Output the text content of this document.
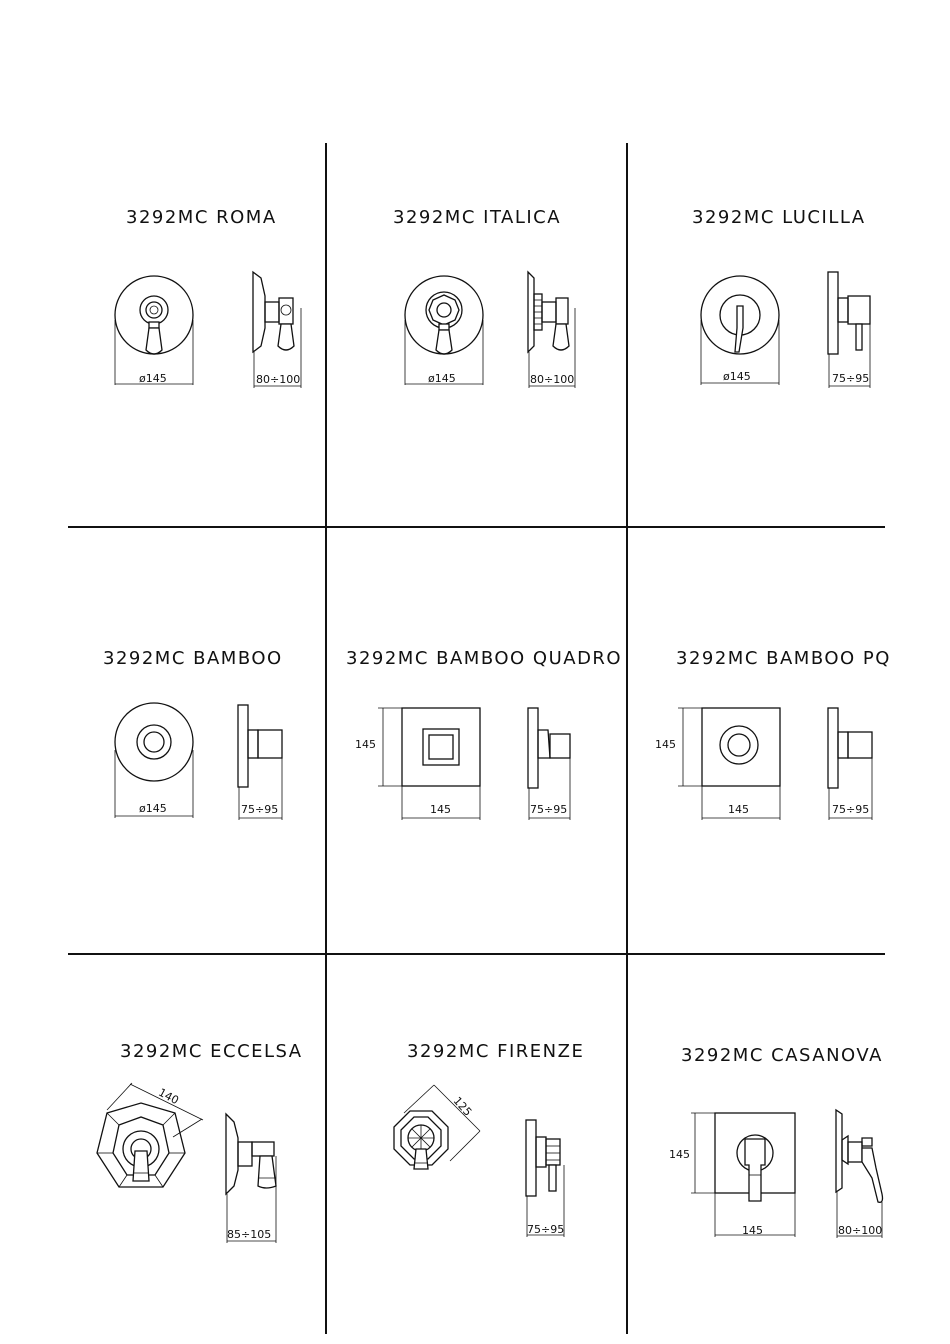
3292MC ROMA
ø145	80÷100
3292MC ITALICA
ø145	80÷100
3292MC LUCILLA
ø145	75÷95
3292MC BAMBOO
ø145	75÷95
3292MC BAMBOO QUADRO
145
145	75÷95
3292MC BAMBOO PQ
145
145	75÷95
3292MC ECCELSA
140
85÷105
3292MC FIRENZE
125
75÷95
3292MC CASANOVA
145
145	80÷100
